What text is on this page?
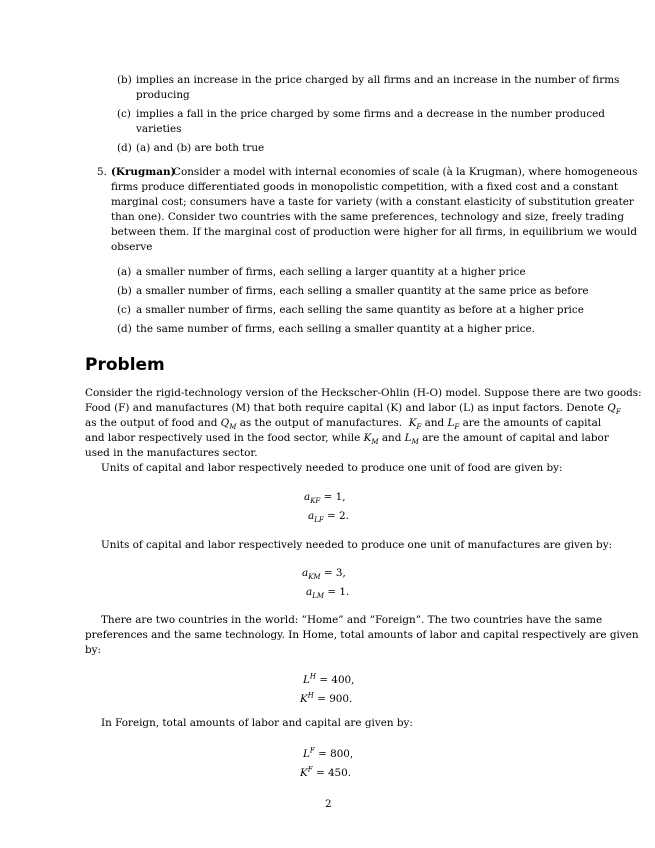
(b) implies an increase in the price charged by all firms and an increase in the number of firms
producing
(c) implies a fall in the price charged by some firms and a decrease in the number produced
varieties
(d) (a) and (b) are both true
5. (Krugman)
Consider a model with internal economies of scale (à la Krugman), where homogeneous
firms produce differentiated goods in monopolistic competition, with a fixed cost and a constant
marginal cost; consumers have a taste for variety (with a constant elasticity of substitution greater
than one). Consider two countries with the same preferences, technology and size, freely trading
between them. If the marginal cost of production were higher for all firms, in equilibrium we would
observe
(a) a smaller number of firms, each selling a larger quantity at a higher price
(b) a smaller number of firms, each selling a smaller quantity at the same price as before
(c) a smaller number of firms, each selling the same quantity as before at a higher price
(d) the same number of firms, each selling a smaller quantity at a higher price.
Problem
Consider the rigid-technology version of the Heckscher-Ohlin (H-O) model. Suppose there are two goods:
Food (F) and manufactures (M) that both require capital (K) and labor (L) as input factors. Denote $Q_F$
as the output of food and $Q_M$ as the output of manufactures. $K_F$ and $L_F$ are the amounts of capital
and labor respectively used in the food sector, while $K_M$ and $L_M$ are the amount of capital and labor
used in the manufactures sector.
Units of capital and labor respectively needed to produce one unit of food are given by:
$a_{KF} = 1$,
$a_{LF} = 2$.
Units of capital and labor respectively needed to produce one unit of manufactures are given by:
$a_{KM} = 3$,
$a_{LM} = 1$.
There are two countries in the world: ”Home” and ”Foreign”. The two countries have the same
preferences and the same technology. In Home, total amounts of labor and capital respectively are given
by:
$L^H = 400$,
$K^H = 900$.
In Foreign, total amounts of labor and capital are given by:
$L^F = 800$,
$K^F = 450$.
2
